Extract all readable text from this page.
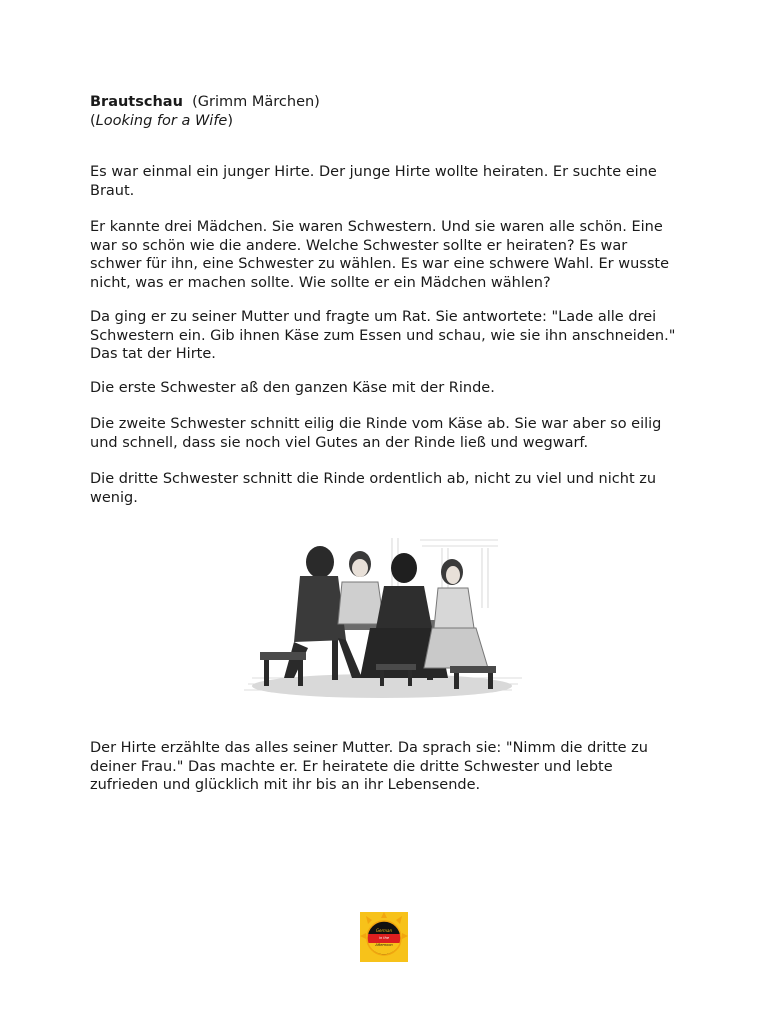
Brautschau (Grimm Märchen)
(Looking for a Wife)

Es war einmal ein junger Hirte. Der junge Hirte wollte heiraten. Er suchte eine Braut.

Er kannte drei Mädchen. Sie waren Schwestern. Und sie waren alle schön. Eine war so schön wie die andere. Welche Schwester sollte er heiraten? Es war schwer für ihn, eine Schwester zu wählen. Es war eine schwere Wahl. Er wusste nicht, was er machen sollte. Wie sollte er ein Mädchen wählen?

Da ging er zu seiner Mutter und fragte um Rat. Sie antwortete: "Lade alle drei Schwestern ein. Gib ihnen Käse zum Essen und schau, wie sie ihn anschneiden." Das tat der Hirte.

Die erste Schwester aß den ganzen Käse mit der Rinde.

Die zweite Schwester schnitt eilig die Rinde vom Käse ab. Sie war aber so eilig und schnell, dass sie noch viel Gutes an der Rinde ließ und wegwarf.

Die dritte Schwester schnitt die Rinde ordentlich ab, nicht zu viel und nicht zu wenig.

Der Hirte erzählte das alles seiner Mutter. Da sprach sie: "Nimm die dritte zu deiner Frau." Das machte er. Er heiratete die dritte Schwester und lebte zufrieden und glücklich mit ihr bis an ihr Lebensende.

German
in the
Afternoon
